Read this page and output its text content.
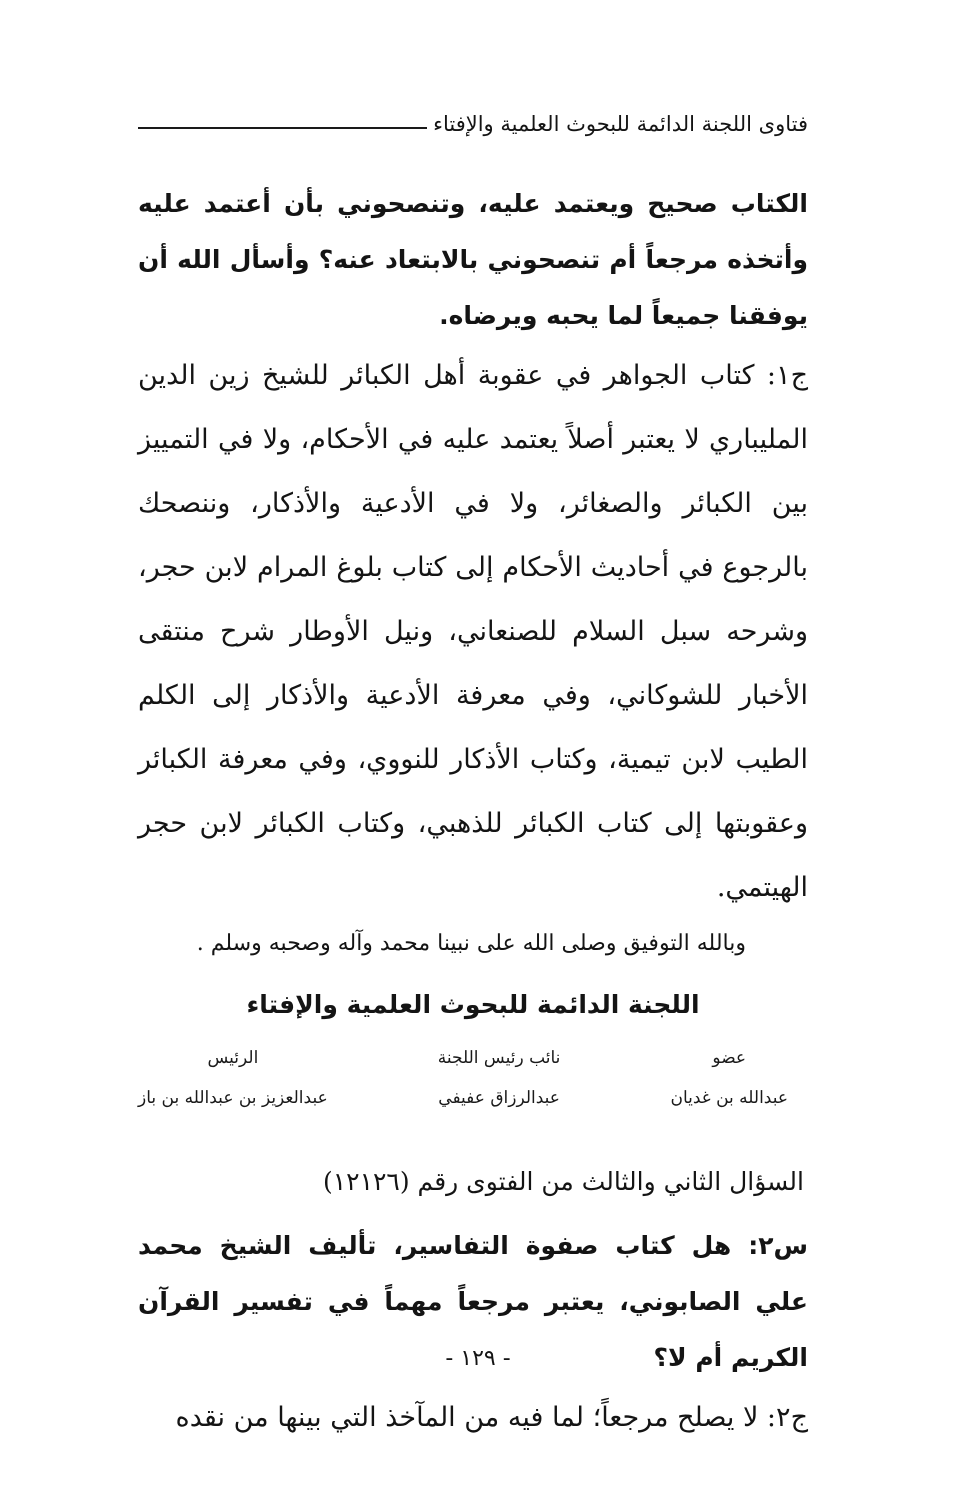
فتاوى اللجنة الدائمة للبحوث العلمية والإفتاء

الكتاب صحيح ويعتمد عليه، وتنصحوني بأن أعتمد عليه وأتخذه مرجعاً أم تنصحوني بالابتعاد عنه؟ وأسأل الله أن يوفقنا جميعاً لما يحبه ويرضاه.

ج١: كتاب الجواهر في عقوبة أهل الكبائر للشيخ زين الدين المليباري لا يعتبر أصلاً يعتمد عليه في الأحكام، ولا في التمييز بين الكبائر والصغائر، ولا في الأدعية والأذكار، وننصحك بالرجوع في أحاديث الأحكام إلى كتاب بلوغ المرام لابن حجر، وشرحه سبل السلام للصنعاني، ونيل الأوطار شرح منتقى الأخبار للشوكاني، وفي معرفة الأدعية والأذكار إلى الكلم الطيب لابن تيمية، وكتاب الأذكار للنووي، وفي معرفة الكبائر وعقوبتها إلى كتاب الكبائر للذهبي، وكتاب الكبائر لابن حجر الهيتمي.

وبالله التوفيق وصلى الله على نبينا محمد وآله وصحبه وسلم .

اللجنة الدائمة للبحوث العلمية والإفتاء
عضو
عبدالله بن غديان
نائب رئيس اللجنة
عبدالرزاق عفيفي
الرئيس
عبدالعزيز بن عبدالله بن باز
السؤال الثاني والثالث من الفتوى رقم (١٢١٢٦)

س٢: هل كتاب صفوة التفاسير، تأليف الشيخ محمد علي الصابوني، يعتبر مرجعاً مهماً في تفسير القرآن الكريم أم لا؟

ج٢: لا يصلح مرجعاً؛ لما فيه من المآخذ التي بينها من نقده

- ١٢٩ -
